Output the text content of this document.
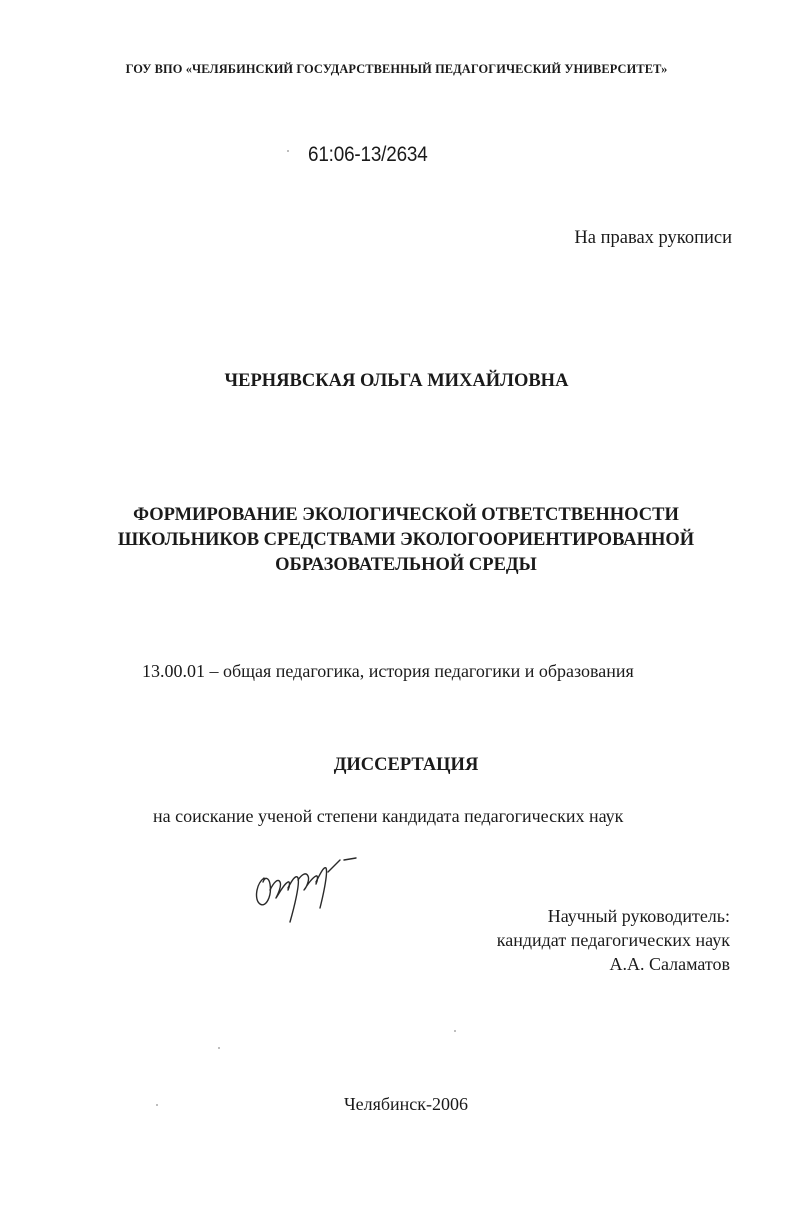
ГОУ ВПО «ЧЕЛЯБИНСКИЙ ГОСУДАРСТВЕННЫЙ ПЕДАГОГИЧЕСКИЙ УНИВЕРСИТЕТ»
61:06-13/2634
На правах рукописи
ЧЕРНЯВСКАЯ ОЛЬГА МИХАЙЛОВНА
ФОРМИРОВАНИЕ ЭКОЛОГИЧЕСКОЙ ОТВЕТСТВЕННОСТИ
ШКОЛЬНИКОВ СРЕДСТВАМИ ЭКОЛОГООРИЕНТИРОВАННОЙ
ОБРАЗОВАТЕЛЬНОЙ СРЕДЫ
13.00.01 – общая педагогика, история педагогики и образования
ДИССЕРТАЦИЯ
на соискание ученой степени кандидата педагогических наук
Научный руководитель:
кандидат педагогических наук
А.А. Саламатов
Челябинск-2006
